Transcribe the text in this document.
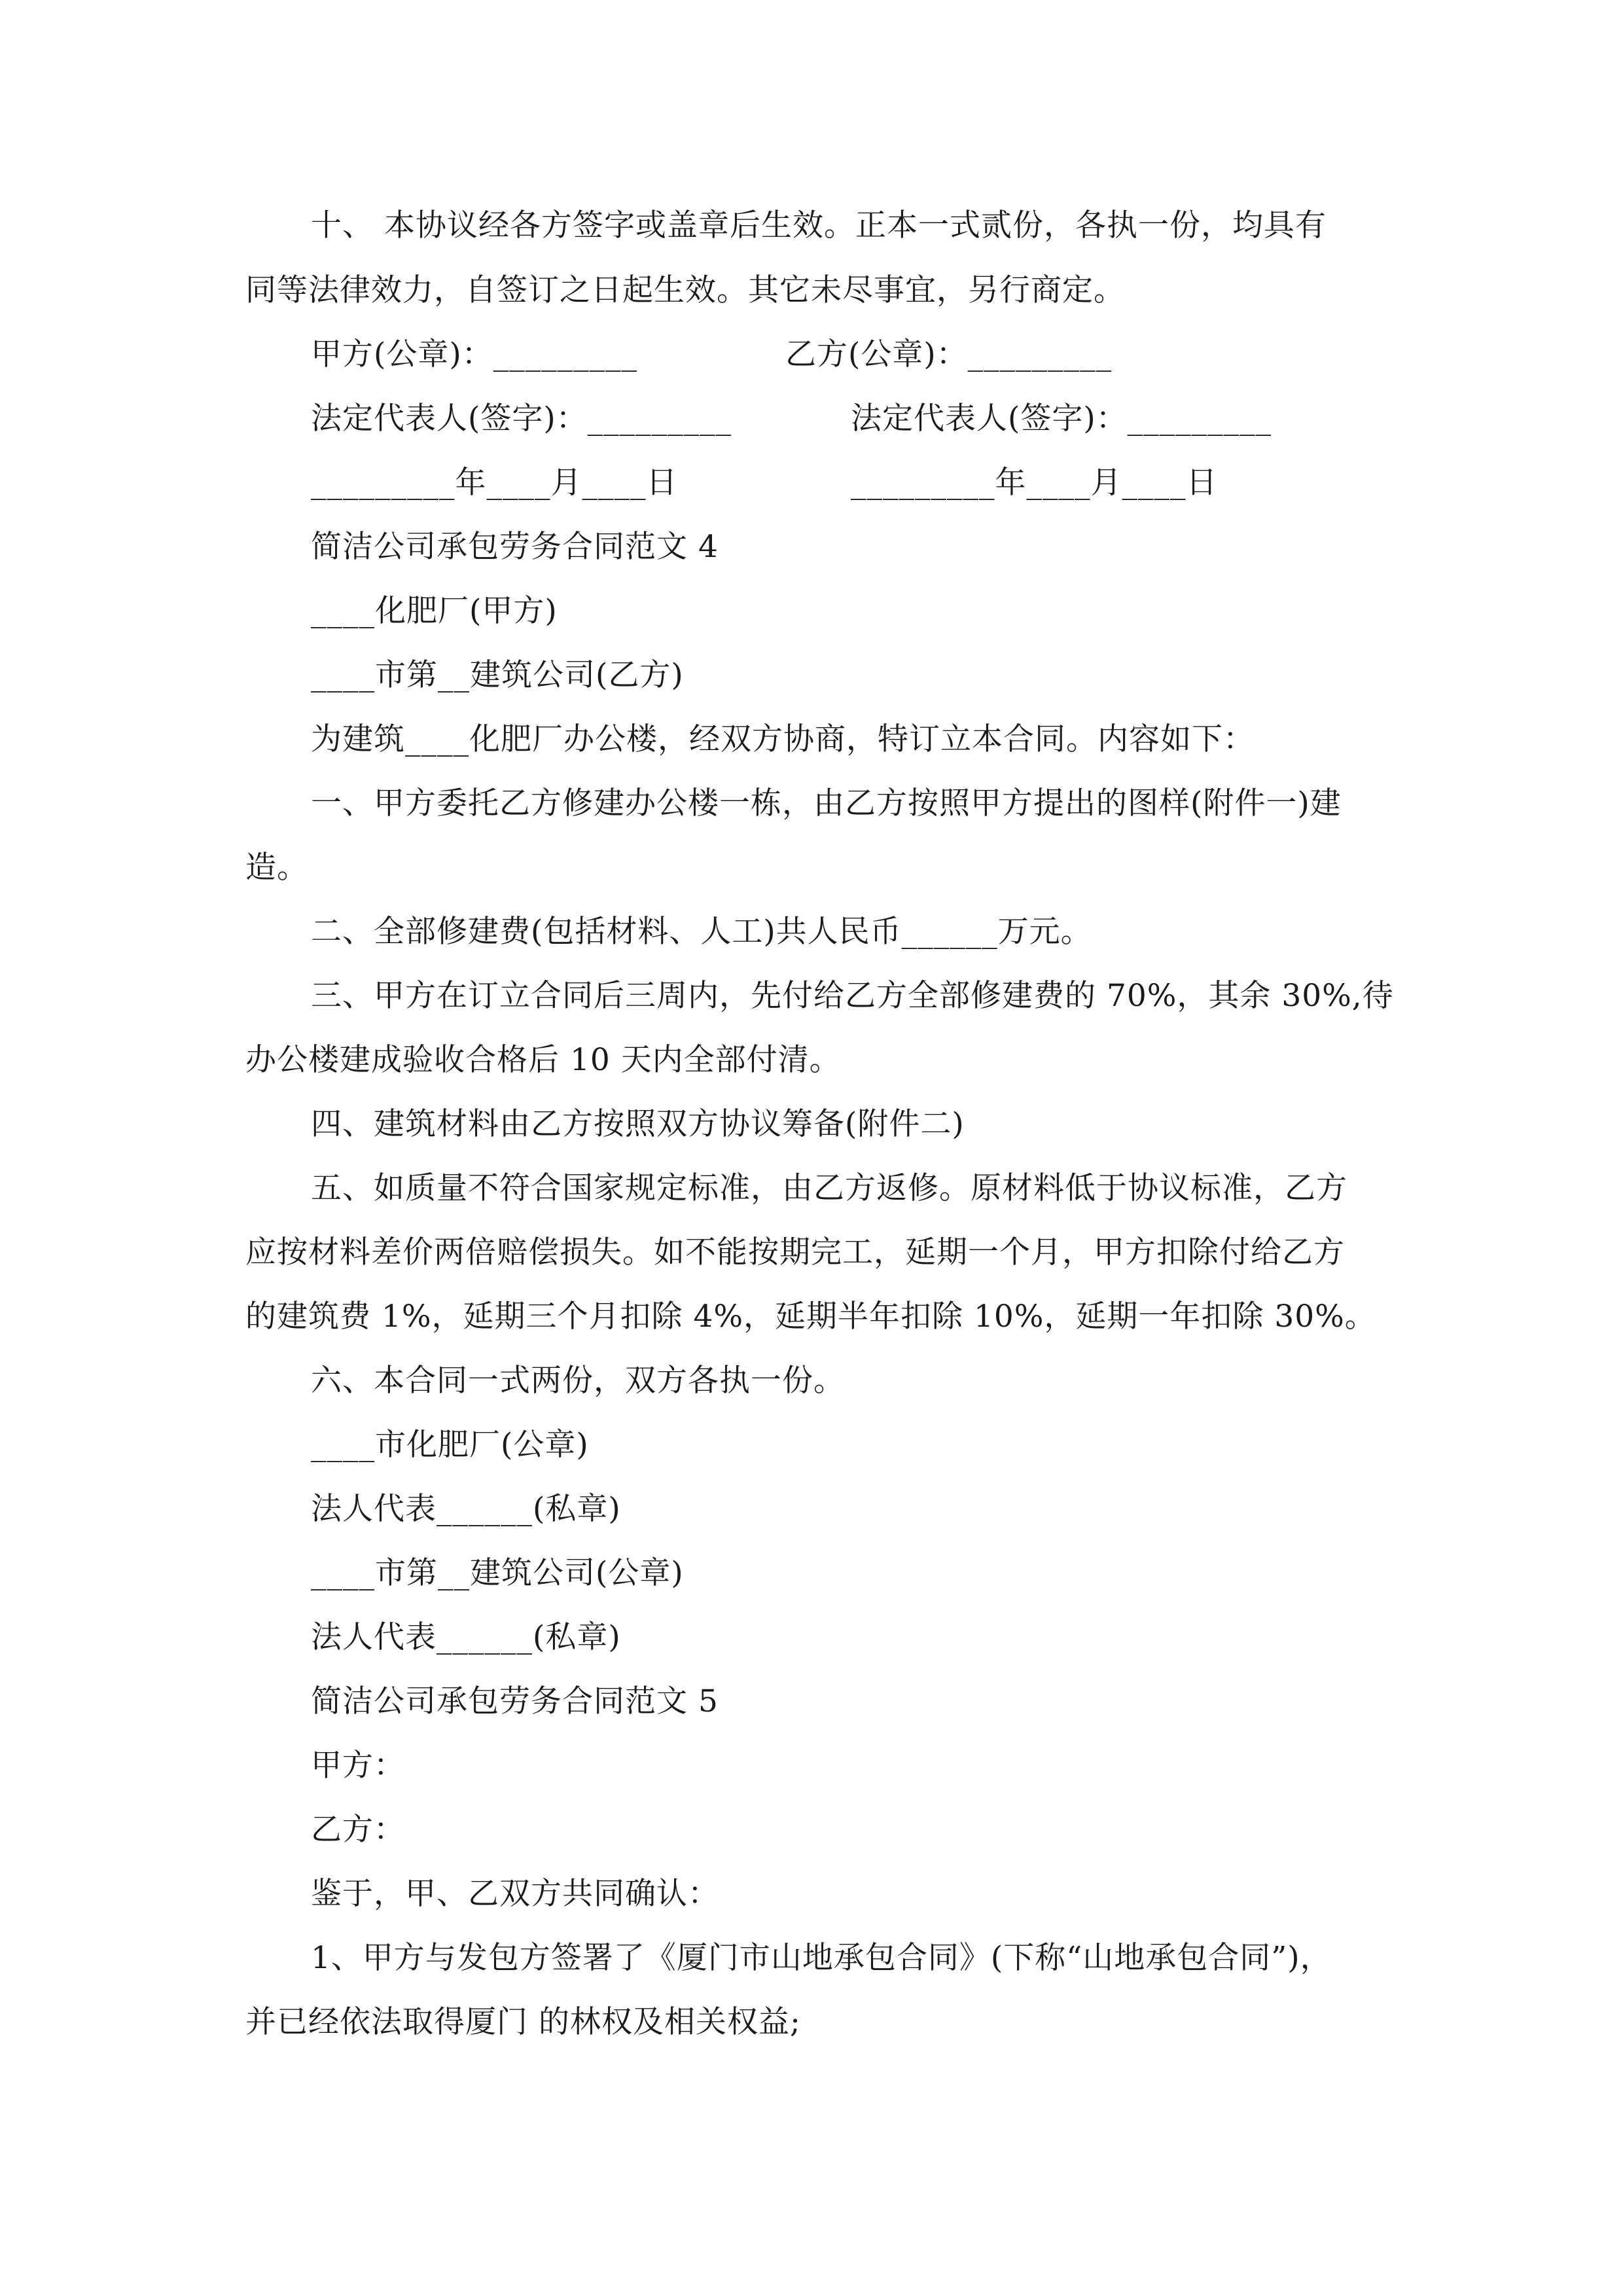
十、 本协议经各方签字或盖章后生效。正本一式贰份，各执一份，均具有
同等法律效力，自签订之日起生效。其它未尽事宜，另行商定。
甲方(公章)：_________	乙方(公章)：_________
法定代表人(签字)：_________	法定代表人(签字)：_________
_________年____月____日	_________年____月____日
简洁公司承包劳务合同范文 4
____化肥厂(甲方)
____市第__建筑公司(乙方)
为建筑____化肥厂办公楼，经双方协商，特订立本合同。内容如下：
一、甲方委托乙方修建办公楼一栋，由乙方按照甲方提出的图样(附件一)建
造。
二、全部修建费(包括材料、人工)共人民币______万元。
三、甲方在订立合同后三周内，先付给乙方全部修建费的 70%，其余 30%,待
办公楼建成验收合格后 10 天内全部付清。
四、建筑材料由乙方按照双方协议筹备(附件二)
五、如质量不符合国家规定标准，由乙方返修。原材料低于协议标准，乙方
应按材料差价两倍赔偿损失。如不能按期完工，延期一个月，甲方扣除付给乙方
的建筑费 1%，延期三个月扣除 4%，延期半年扣除 10%，延期一年扣除 30%。
六、本合同一式两份，双方各执一份。
____市化肥厂(公章)
法人代表______(私章)
____市第__建筑公司(公章)
法人代表______(私章)
简洁公司承包劳务合同范文 5
甲方：
乙方：
鉴于，甲、乙双方共同确认：
1、甲方与发包方签署了《厦门市山地承包合同》(下称“山地承包合同”)，
并已经依法取得厦门 的林权及相关权益;
